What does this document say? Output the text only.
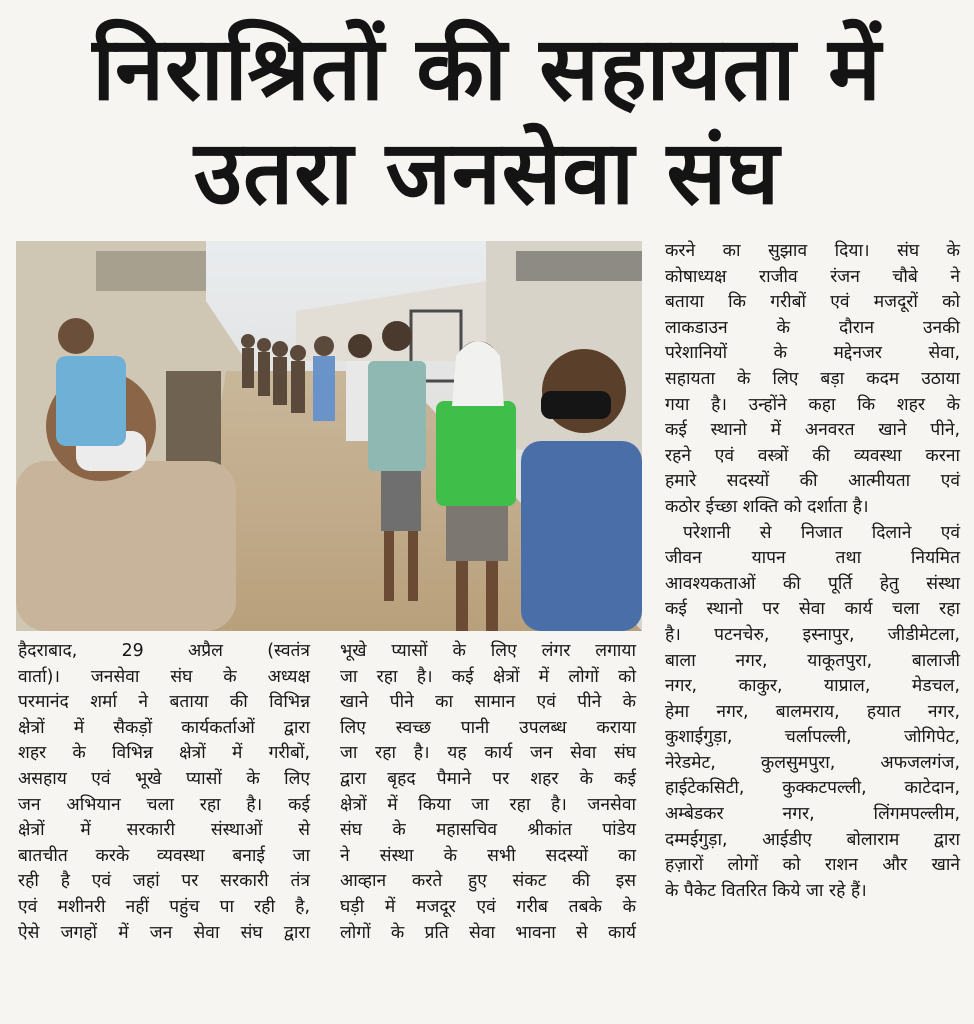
निराश्रितों की सहायता में
उतरा जनसेवा संघ
हैदराबाद, 29 अप्रैल (स्वतंत्र
वार्ता)। जनसेवा संघ के अध्यक्ष
परमानंद शर्मा ने बताया की विभिन्न
क्षेत्रों में सैकड़ों कार्यकर्ताओं द्वारा
शहर के विभिन्न क्षेत्रों में गरीबों,
असहाय एवं भूखे प्यासों के लिए
जन अभियान चला रहा है। कई
क्षेत्रों में सरकारी संस्थाओं से
बातचीत करके व्यवस्था बनाई जा
रही है एवं जहां पर सरकारी तंत्र
एवं मशीनरी नहीं पहुंच पा रही है,
ऐसे जगहों में जन सेवा संघ द्वारा
भूखे प्यासों के लिए लंगर लगाया
जा रहा है। कई क्षेत्रों में लोगों को
खाने पीने का सामान एवं पीने के
लिए स्वच्छ पानी उपलब्ध कराया
जा रहा है। यह कार्य जन सेवा संघ
द्वारा बृहद पैमाने पर शहर के कई
क्षेत्रों में किया जा रहा है। जनसेवा
संघ के महासचिव श्रीकांत पांडेय
ने संस्था के सभी सदस्यों का
आव्हान करते हुए संकट की इस
घड़ी में मजदूर एवं गरीब तबके के
लोगों के प्रति सेवा भावना से कार्य
करने का सुझाव दिया। संघ के
कोषाध्यक्ष राजीव रंजन चौबे ने
बताया कि गरीबों एवं मजदूरों को
लाकडाउन के दौरान उनकी
परेशानियों के मद्देनजर सेवा,
सहायता के लिए बड़ा कदम उठाया
गया है। उन्होंने कहा कि शहर के
कई स्थानो में अनवरत खाने पीने,
रहने एवं वस्त्रों की व्यवस्था करना
हमारे सदस्यों की आत्मीयता एवं
कठोर ईच्छा शक्ति को दर्शाता है।
परेशानी से निजात दिलाने एवं
जीवन यापन तथा नियमित
आवश्यकताओं की पूर्ति हेतु संस्था
कई स्थानो पर सेवा कार्य चला रहा
है। पटनचेरु, इस्नापुर, जीडीमेटला,
बाला नगर, याकूतपुरा, बालाजी
नगर, काकुर, याप्राल, मेडचल,
हेमा नगर, बालमराय, हयात नगर,
कुशाईगुड़ा, चर्लापल्ली, जोगिपेट,
नेरेडमेट, कुलसुमपुरा, अफजलगंज,
हाईटेकसिटी, कुक्कटपल्ली, काटेदान,
अम्बेडकर नगर, लिंगमपल्लीम,
दम्मईगुड़ा, आईडीए बोलाराम द्वारा
हज़ारों लोगों को राशन और खाने
के पैकेट वितरित किये जा रहे हैं।
